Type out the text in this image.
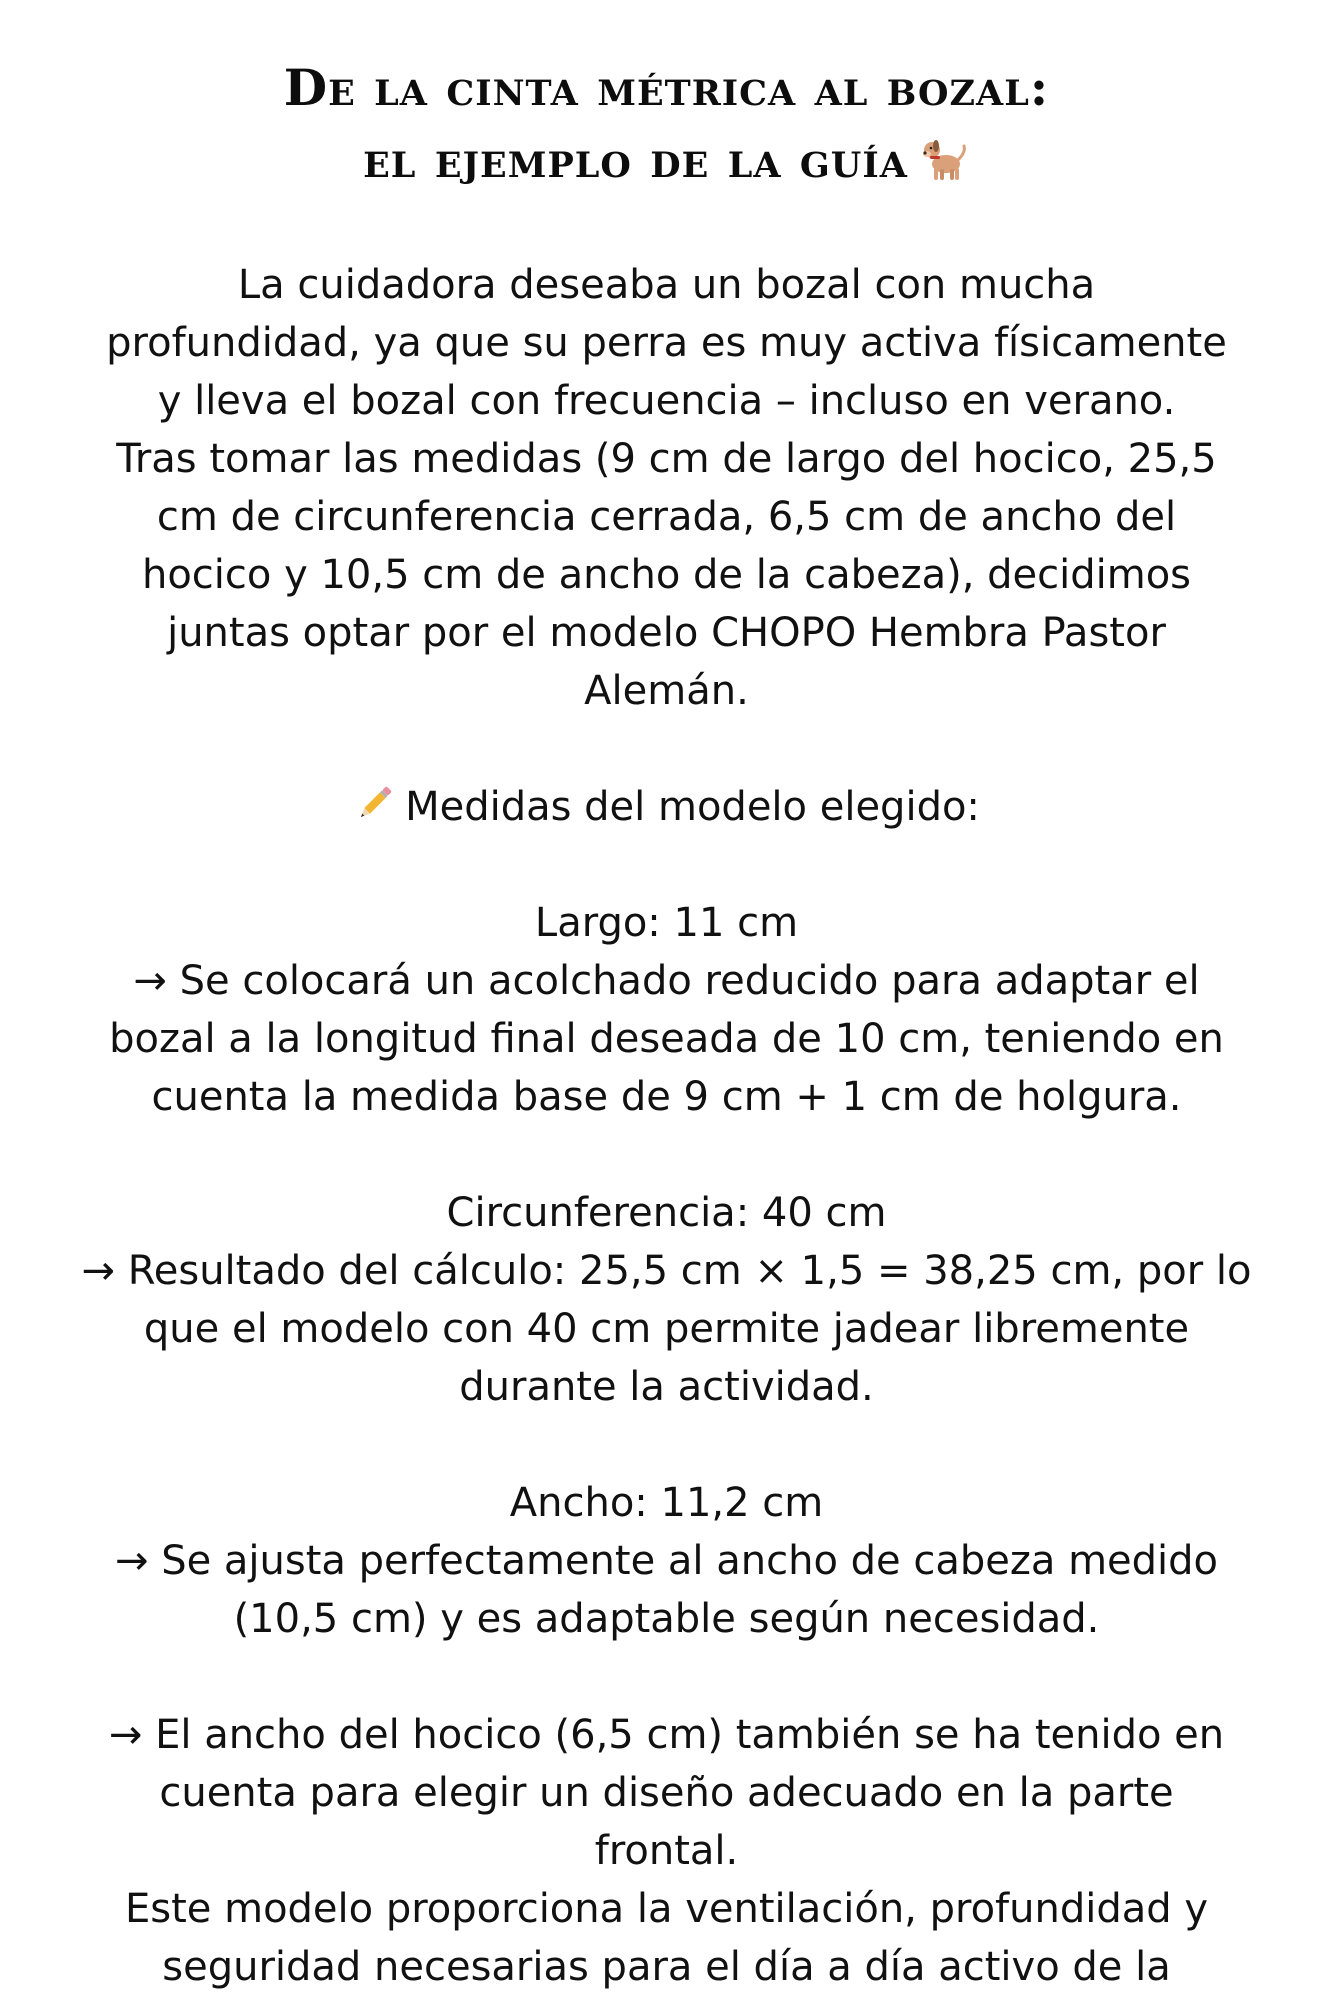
De la cinta métrica al bozal:
el ejemplo de la guía

La cuidadora deseaba un bozal con mucha

profundidad, ya que su perra es muy activa físicamente

y lleva el bozal con frecuencia – incluso en verano.

Tras tomar las medidas (9 cm de largo del hocico, 25,5

cm de circunferencia cerrada, 6,5 cm de ancho del

hocico y 10,5 cm de ancho de la cabeza), decidimos

juntas optar por el modelo CHOPO Hembra Pastor

Alemán.

Medidas del modelo elegido:

Largo: 11 cm

→ Se colocará un acolchado reducido para adaptar el

bozal a la longitud final deseada de 10 cm, teniendo en

cuenta la medida base de 9 cm + 1 cm de holgura.

Circunferencia: 40 cm

→ Resultado del cálculo: 25,5 cm × 1,5 = 38,25 cm, por lo

que el modelo con 40 cm permite jadear libremente

durante la actividad.

Ancho: 11,2 cm

→ Se ajusta perfectamente al ancho de cabeza medido

(10,5 cm) y es adaptable según necesidad.

→ El ancho del hocico (6,5 cm) también se ha tenido en

cuenta para elegir un diseño adecuado en la parte

frontal.

Este modelo proporciona la ventilación, profundidad y

seguridad necesarias para el día a día activo de la
